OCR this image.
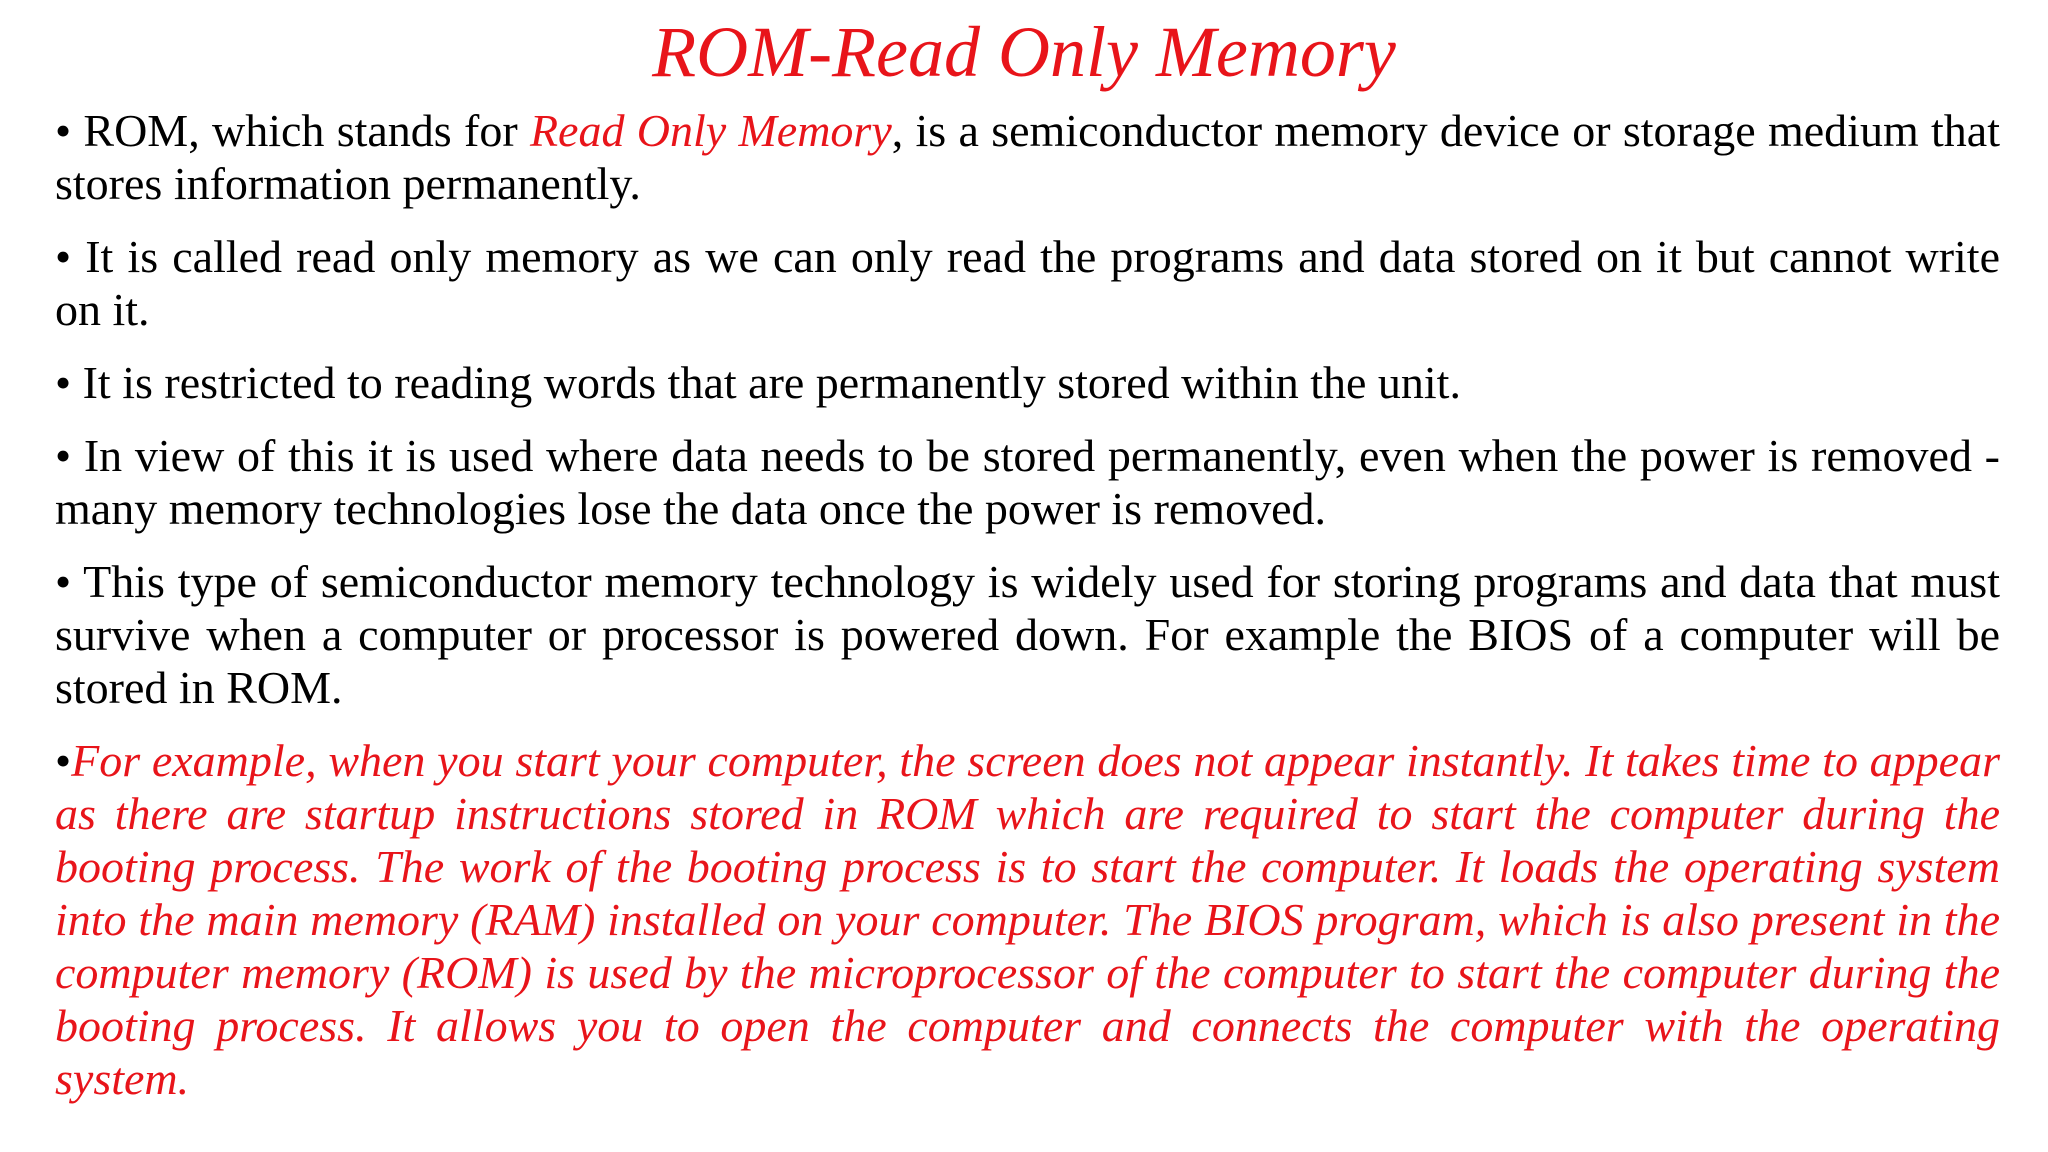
ROM-Read Only Memory

• ROM, which stands for Read Only Memory, is a semiconductor memory device or storage medium that stores information permanently.

• It is called read only memory as we can only read the programs and data stored on it but cannot write on it.

• It is restricted to reading words that are permanently stored within the unit.

• In view of this it is used where data needs to be stored permanently, even when the power is removed - many memory technologies lose the data once the power is removed.

• This type of semiconductor memory technology is widely used for storing programs and data that must survive when a computer or processor is powered down. For example the BIOS of a computer will be stored in ROM.

•For example, when you start your computer, the screen does not appear instantly. It takes time to appear as there are startup instructions stored in ROM which are required to start the computer during the booting process. The work of the booting process is to start the computer. It loads the operating system into the main memory (RAM) installed on your computer. The BIOS program, which is also present in the computer memory (ROM) is used by the microprocessor of the computer to start the computer during the booting process. It allows you to open the computer and connects the computer with the operating system.
